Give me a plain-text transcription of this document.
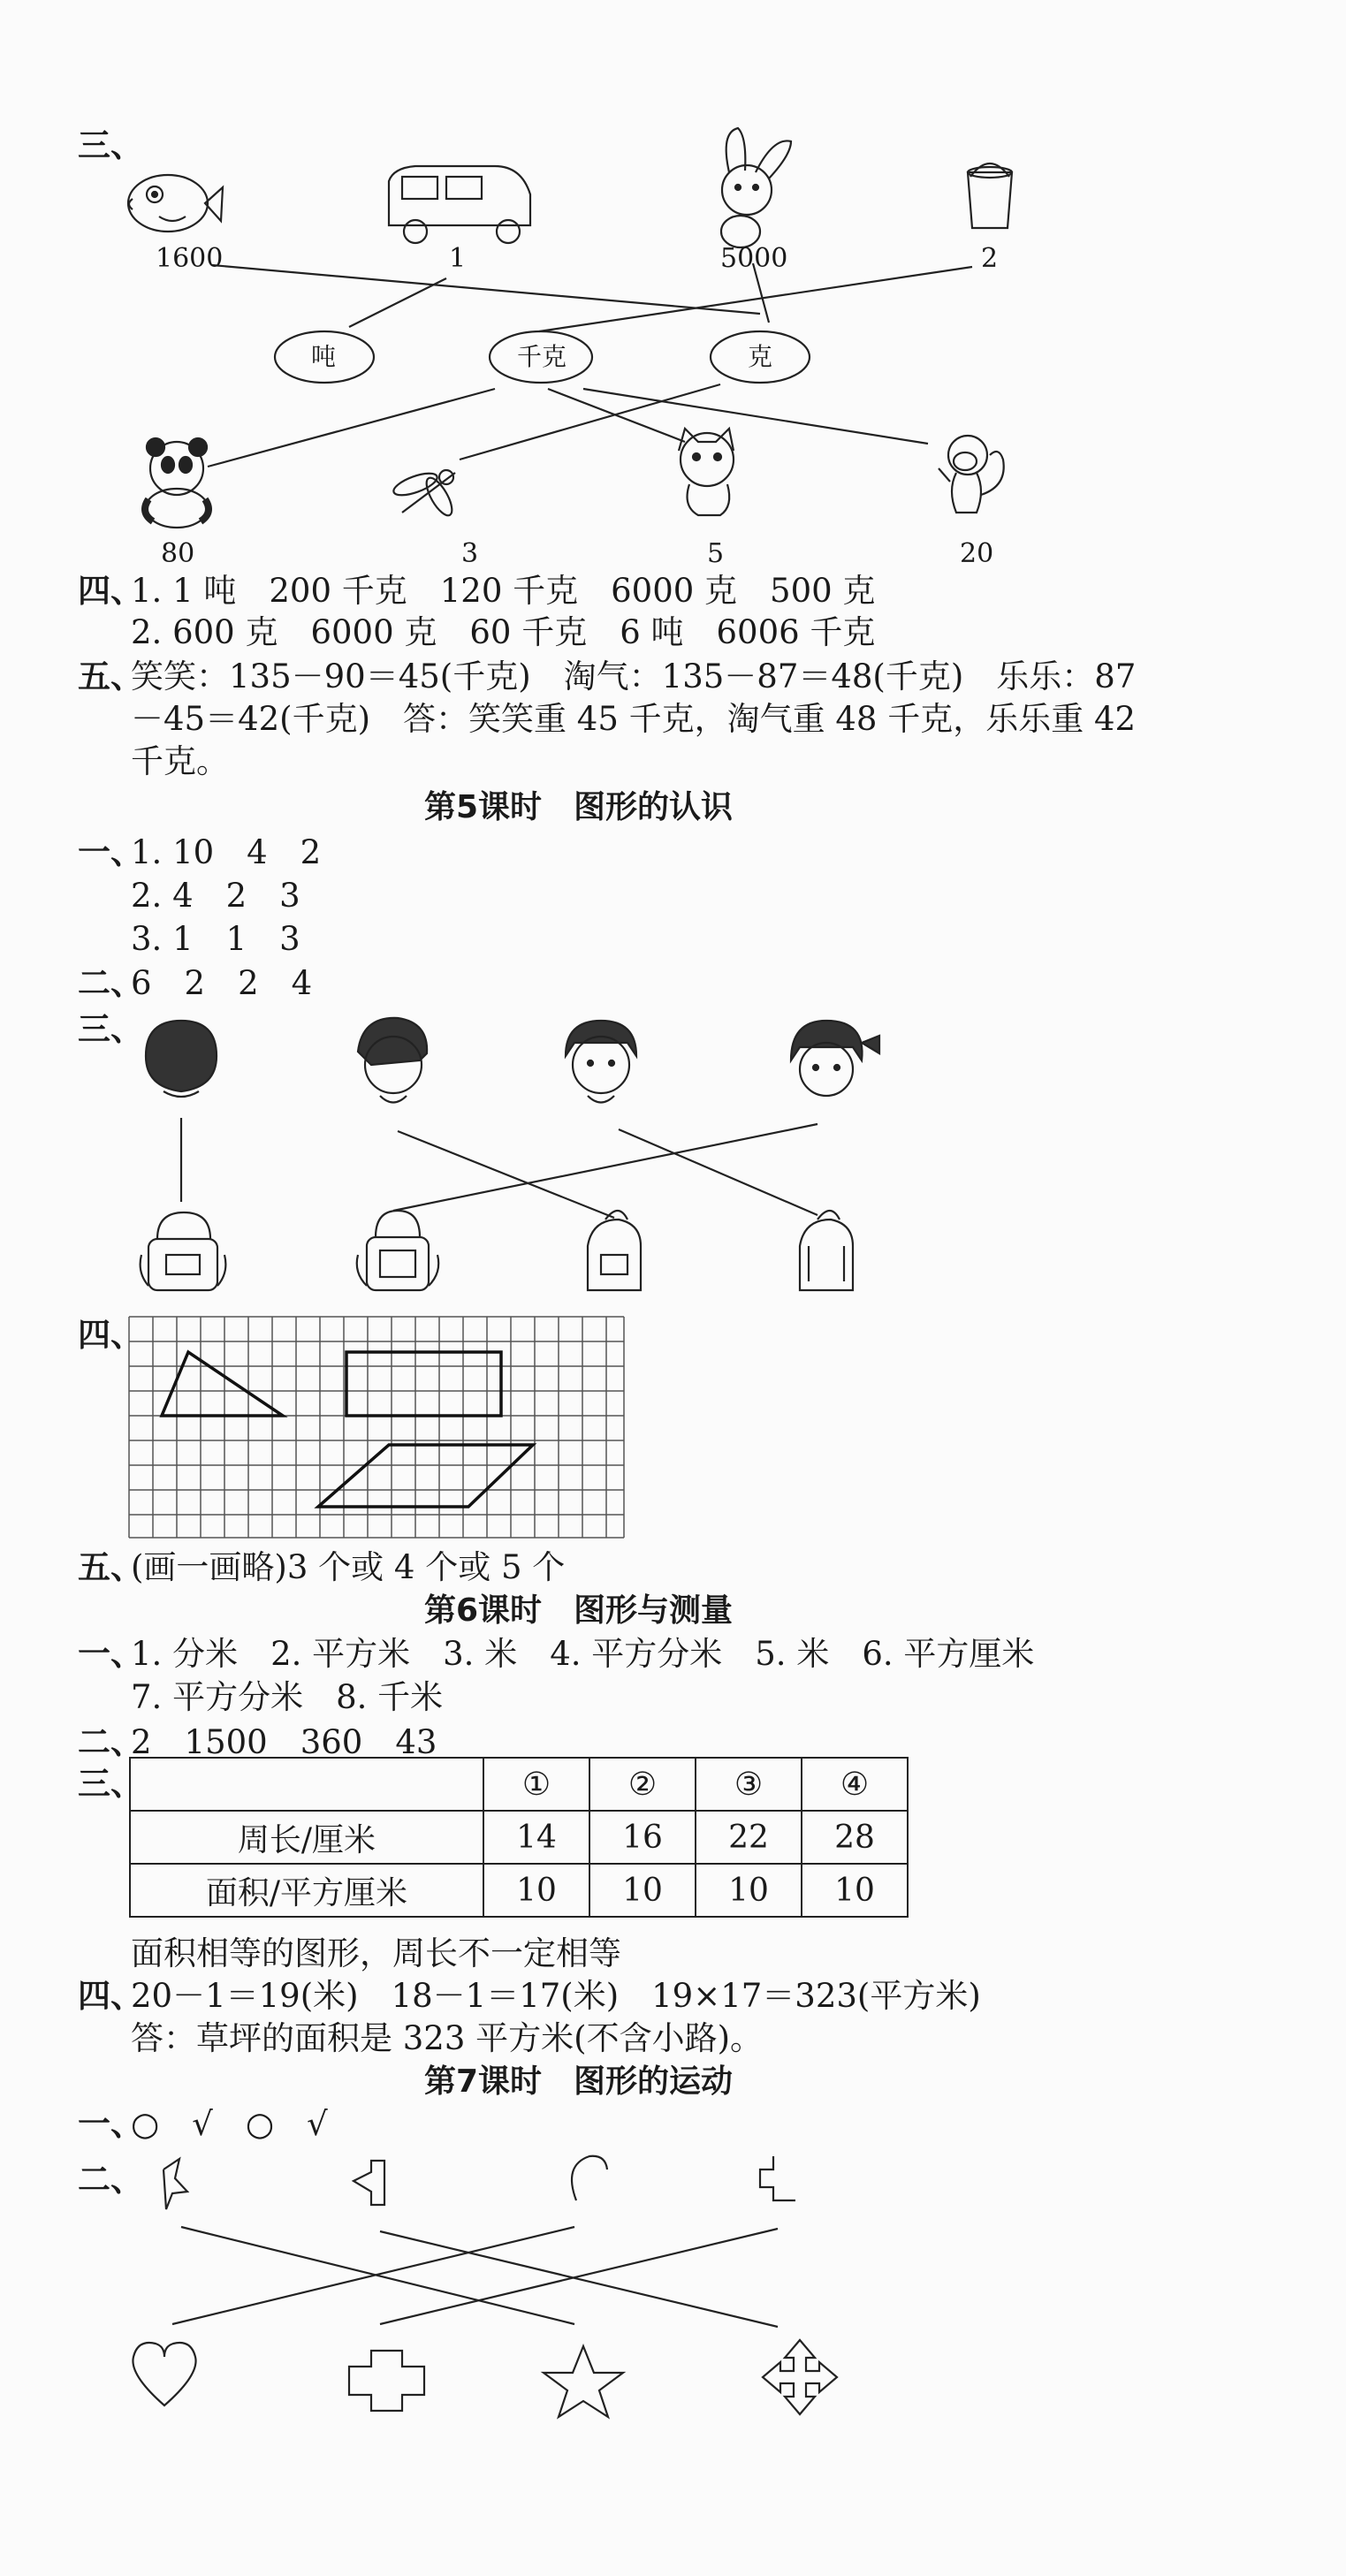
三、
1600	1	5000	2
吨	千克	克
80	3	5	20
四、
1. 1 吨　200 千克　120 千克　6000 克　500 克
2. 600 克　6000 克　60 千克　6 吨　6006 千克
五、
笑笑：135－90＝45(千克)　淘气：135－87＝48(千克)　乐乐：87
－45＝42(千克)　答：笑笑重 45 千克，淘气重 48 千克，乐乐重 42
千克。
第5课时　图形的认识
一、
1. 10　4　2
2. 4　2　3
3. 1　1　3
二、
6　2　2　4
三、
四、
五、
(画一画略)3 个或 4 个或 5 个
第6课时　图形与测量
一、
1. 分米　2. 平方米　3. 米　4. 平方分米　5. 米　6. 平方厘米
7. 平方分米　8. 千米
二、
2　1500　360　43
三、
		①	②	③	④
周长/厘米	14	16	22	28
面积/平方厘米	10	10	10	10
面积相等的图形，周长不一定相等
四、
20－1＝19(米)　18－1＝17(米)　19×17＝323(平方米)
答：草坪的面积是 323 平方米(不含小路)。
第7课时　图形的运动
一、
○　√　○　√
二、
